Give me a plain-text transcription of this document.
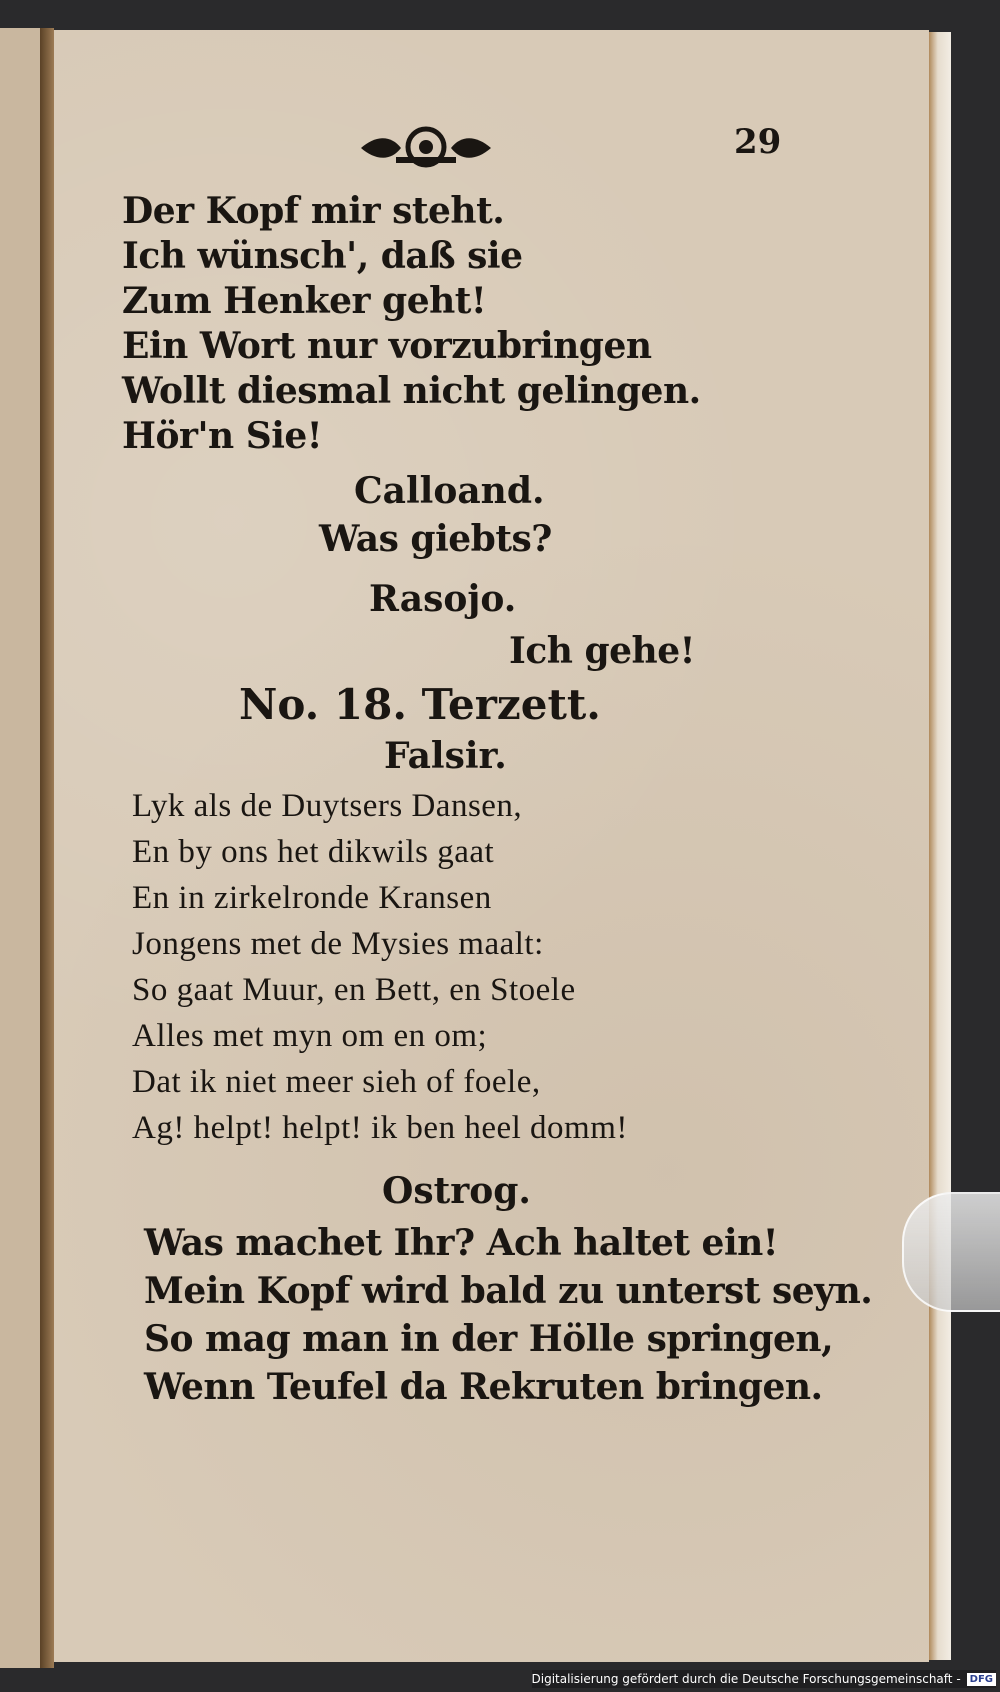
29
Der Kopf mir steht.
Ich wünsch', daß sie
Zum Henker geht!
Ein Wort nur vorzubringen
Wollt diesmal nicht gelingen.
Hör'n Sie!
Calloand.
Was giebts?
Rasojo.
Ich gehe!
No. 18. Terzett.
Falsir.
Lyk als de Duytsers Dansen,
En by ons het dikwils gaat
En in zirkelronde Kransen
Jongens met de Mysies maalt:
So gaat Muur, en Bett, en Stoele
Alles met myn om en om;
Dat ik niet meer sieh of foele,
Ag! helpt! helpt! ik ben heel domm!
Ostrog.
Was machet Ihr? Ach haltet ein!
Mein Kopf wird bald zu unterst seyn.
So mag man in der Hölle springen,
Wenn Teufel da Rekruten bringen.
Digitalisierung gefördert durch die Deutsche Forschungsgemeinschaft - DFG
